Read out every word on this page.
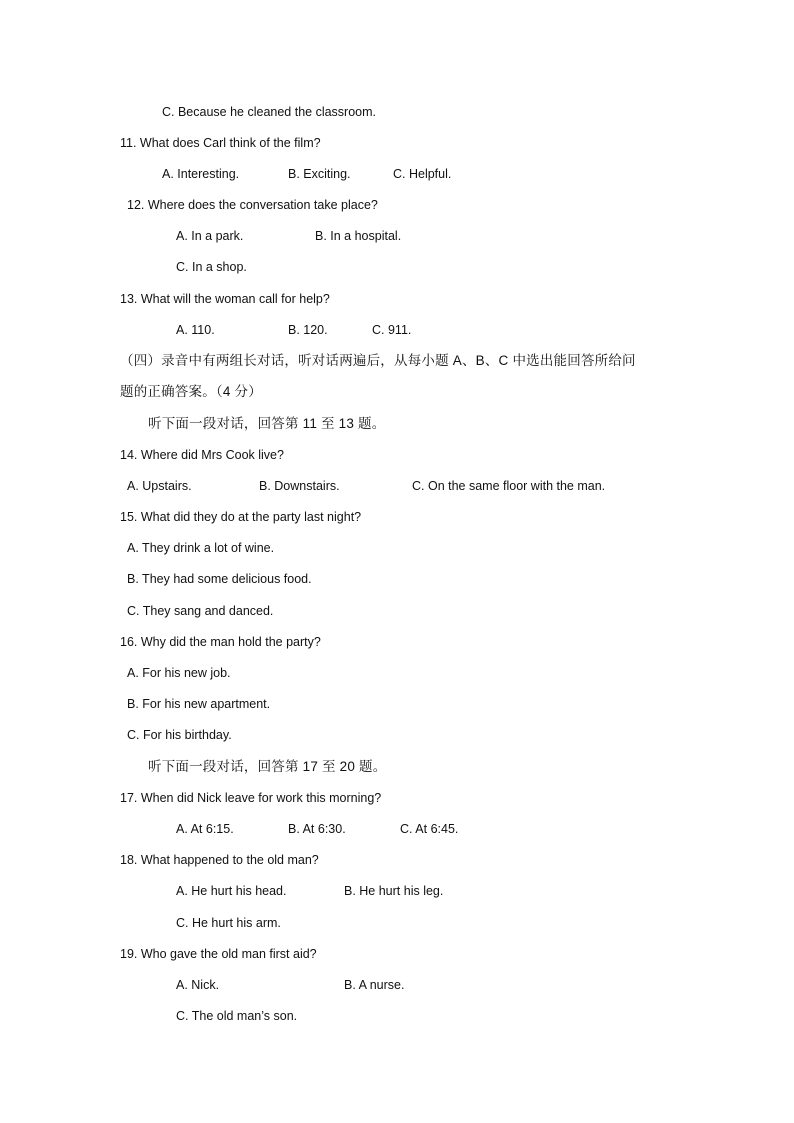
C. Because he cleaned the classroom.
11. What does Carl think of the film?
A. Interesting.	B. Exciting.	C. Helpful.
12. Where does the conversation take place?
A. In a park.	B. In a hospital.
C. In a shop.
13. What will the woman call for help?
A. 110.	B. 120.	C. 911.
（四）录音中有两组长对话，听对话两遍后，从每小题 A、B、C 中选出能回答所给问
题的正确答案。（4 分）
听下面一段对话，回答第 11 至 13 题。
14. Where did Mrs Cook live?
A. Upstairs.	B. Downstairs.	C. On the same floor with the man.
15. What did they do at the party last night?
A. They drink a lot of wine.
B. They had some delicious food.
C. They sang and danced.
16. Why did the man hold the party?
A. For his new job.
B. For his new apartment.
C. For his birthday.
听下面一段对话，回答第 17 至 20 题。
17. When did Nick leave for work this morning?
A. At 6:15.	B. At 6:30.	C. At 6:45.
18. What happened to the old man?
A. He hurt his head.	B. He hurt his leg.
C. He hurt his arm.
19. Who gave the old man first aid?
A. Nick.	B. A nurse.
C. The old man’s son.
